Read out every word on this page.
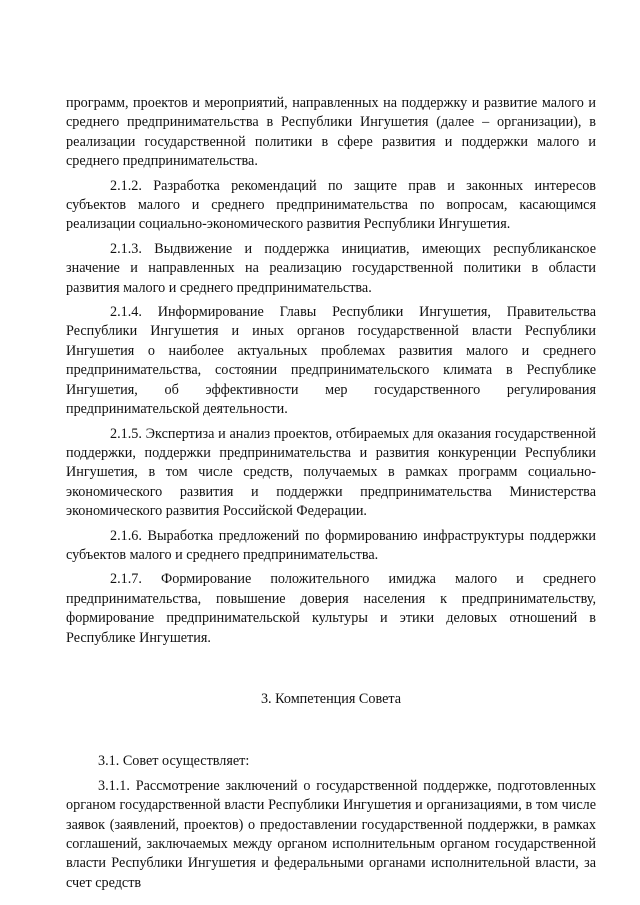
программ, проектов и мероприятий, направленных на поддержку и развитие малого и среднего предпринимательства в Республики Ингушетия (далее – организации), в реализации государственной политики в сфере развития и поддержки малого и среднего предпринимательства.

2.1.2. Разработка рекомендаций по защите прав и законных интересов субъектов малого и среднего предпринимательства по вопросам, касающимся реализации социально-экономического развития Республики Ингушетия.

2.1.3. Выдвижение и поддержка инициатив, имеющих республиканское значение и направленных на реализацию государственной политики в области развития малого и среднего предпринимательства.

2.1.4. Информирование Главы Республики Ингушетия, Правительства Республики Ингушетия и иных органов государственной власти Республики Ингушетия о наиболее актуальных проблемах развития малого и среднего предпринимательства, состоянии предпринимательского климата в Республике Ингушетия, об эффективности мер государственного регулирования предпринимательской деятельности.

2.1.5. Экспертиза и анализ проектов, отбираемых для оказания государственной поддержки, поддержки предпринимательства и развития конкуренции Республики Ингушетия, в том числе средств, получаемых в рамках программ социально-экономического развития и поддержки предпринимательства Министерства экономического развития Российской Федерации.

2.1.6. Выработка предложений по формированию инфраструктуры поддержки субъектов малого и среднего предпринимательства.

2.1.7. Формирование положительного имиджа малого и среднего предпринимательства, повышение доверия населения к предпринимательству, формирование предпринимательской культуры и этики деловых отношений в Республике Ингушетия.

3. Компетенция Совета

3.1. Совет осуществляет:

3.1.1. Рассмотрение заключений о государственной поддержке, подготовленных органом государственной власти Республики Ингушетия и организациями, в том числе заявок (заявлений, проектов) о предоставлении государственной поддержки, в рамках соглашений, заключаемых между органом исполнительным органом государственной власти Республики Ингушетия и федеральными органами исполнительной власти, за счет средств
